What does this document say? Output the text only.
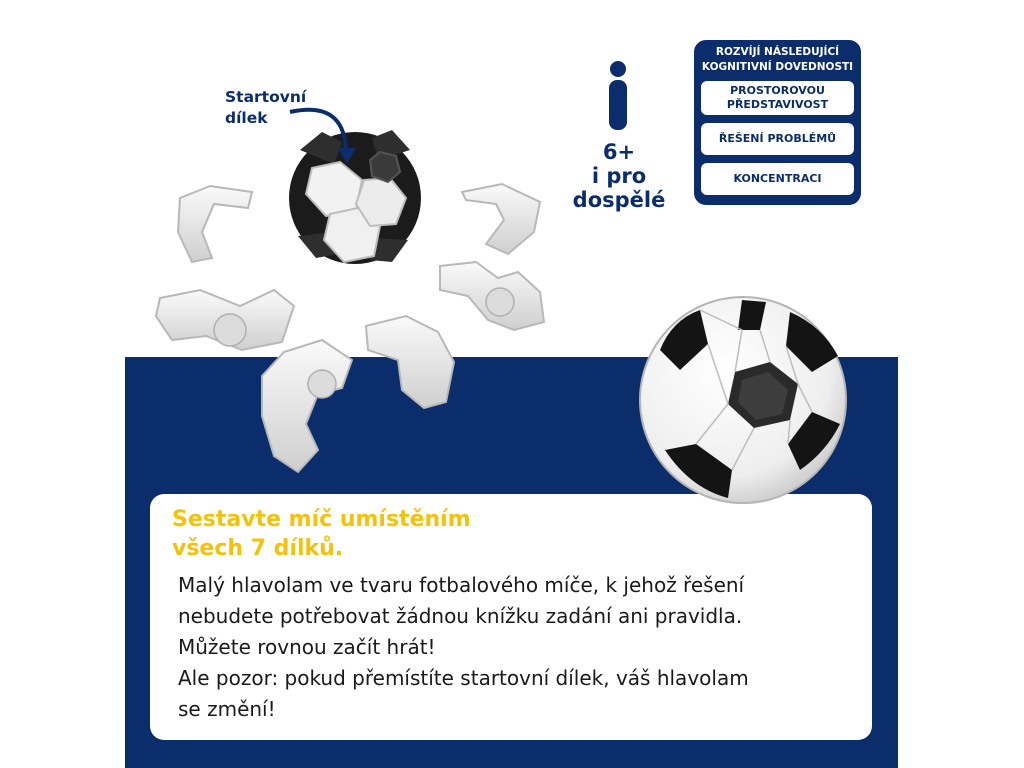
Startovní
dílek
6+
i pro
dospělé
ROZVÍJÍ NÁSLEDUJÍCÍ
KOGNITIVNÍ DOVEDNOSTI
PROSTOROVOU
PŘEDSTAVIVOST
ŘEŠENÍ PROBLÉMŮ
KONCENTRACI
Sestavte míč umístěním
všech 7 dílků.
Malý hlavolam ve tvaru fotbalového míče, k jehož řešení
nebudete potřebovat žádnou knížku zadání ani pravidla.
Můžete rovnou začít hrát!
Ale pozor: pokud přemístíte startovní dílek, váš hlavolam
se změní!
